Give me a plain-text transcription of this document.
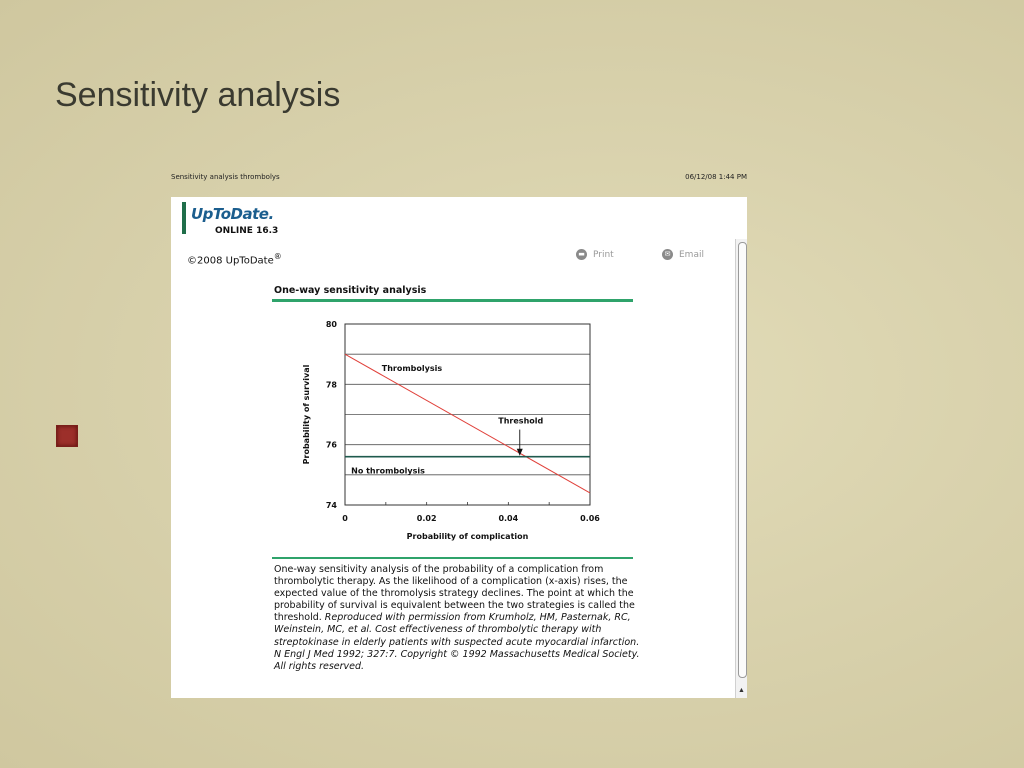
Sensitivity analysis
Sensitivity analysis thrombolys	06/12/08 1:44 PM
UpToDate.
ONLINE 16.3
©2008 UpToDate®	▬ Print	✉ Email
One-way sensitivity analysis
0	0.02	0.04	0.06
74
76
78
80
Probability of complication
Probability of survival	Thrombolysis
No thrombolysis
Threshold
One-way sensitivity analysis of the probability of a complication from thrombolytic therapy. As the likelihood of a complication (x-axis) rises, the expected value of the thromolysis strategy declines. The point at which the probability of survival is equivalent between the two strategies is called the threshold. Reproduced with permission from Krumholz, HM, Pasternak, RC, Weinstein, MC, et al. Cost effectiveness of thrombolytic therapy with streptokinase in elderly patients with suspected acute myocardial infarction. N Engl J Med 1992; 327:7. Copyright © 1992 Massachusetts Medical Society. All rights reserved.
▲
